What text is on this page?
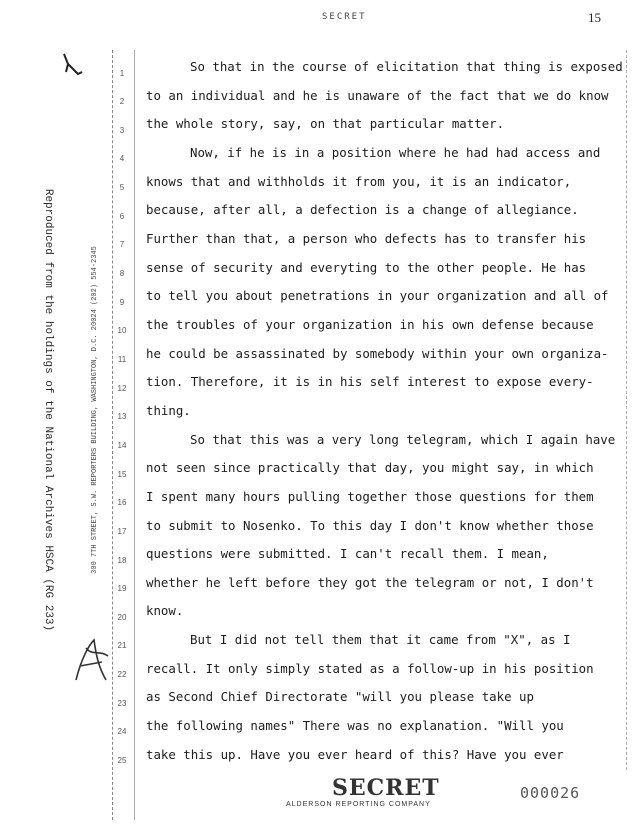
SECRET	15
Reproduced from the holdings of the National Archives HSCA (RG 233)	300 7TH STREET, S.W. REPORTERS BUILDING, WASHINGTON, D.C. 20024 (202) 554-2345
1
2
3
4
5
6
7
8
9
10
11
12
13
14
15
16
17
18
19
20
21
22
23
24
25
So that in the course of elicitation that thing is exposed
to an individual and he is unaware of the fact that we do know
the whole story, say, on that particular matter.
Now, if he is in a position where he had had access and
knows that and withholds it from you, it is an indicator,
because, after all, a defection is a change of allegiance.
Further than that, a person who defects has to transfer his
sense of security and everyting to the other people. He has
to tell you about penetrations in your organization and all of
the troubles of your organization in his own defense because
he could be assassinated by somebody within your own organiza-
tion. Therefore, it is in his self interest to expose every-
thing.
So that this was a very long telegram, which I again have
not seen since practically that day, you might say, in which
I spent many hours pulling together those questions for them
to submit to Nosenko. To this day I don't know whether those
questions were submitted. I can't recall them. I mean,
whether he left before they got the telegram or not, I don't
know.
But I did not tell them that it came from "X", as I
recall. It only simply stated as a follow-up in his position
as Second Chief Directorate "will you please take up
the following names" There was no explanation. "Will you
take this up. Have you ever heard of this? Have you ever
SECRET
ALDERSON REPORTING COMPANY
000026
